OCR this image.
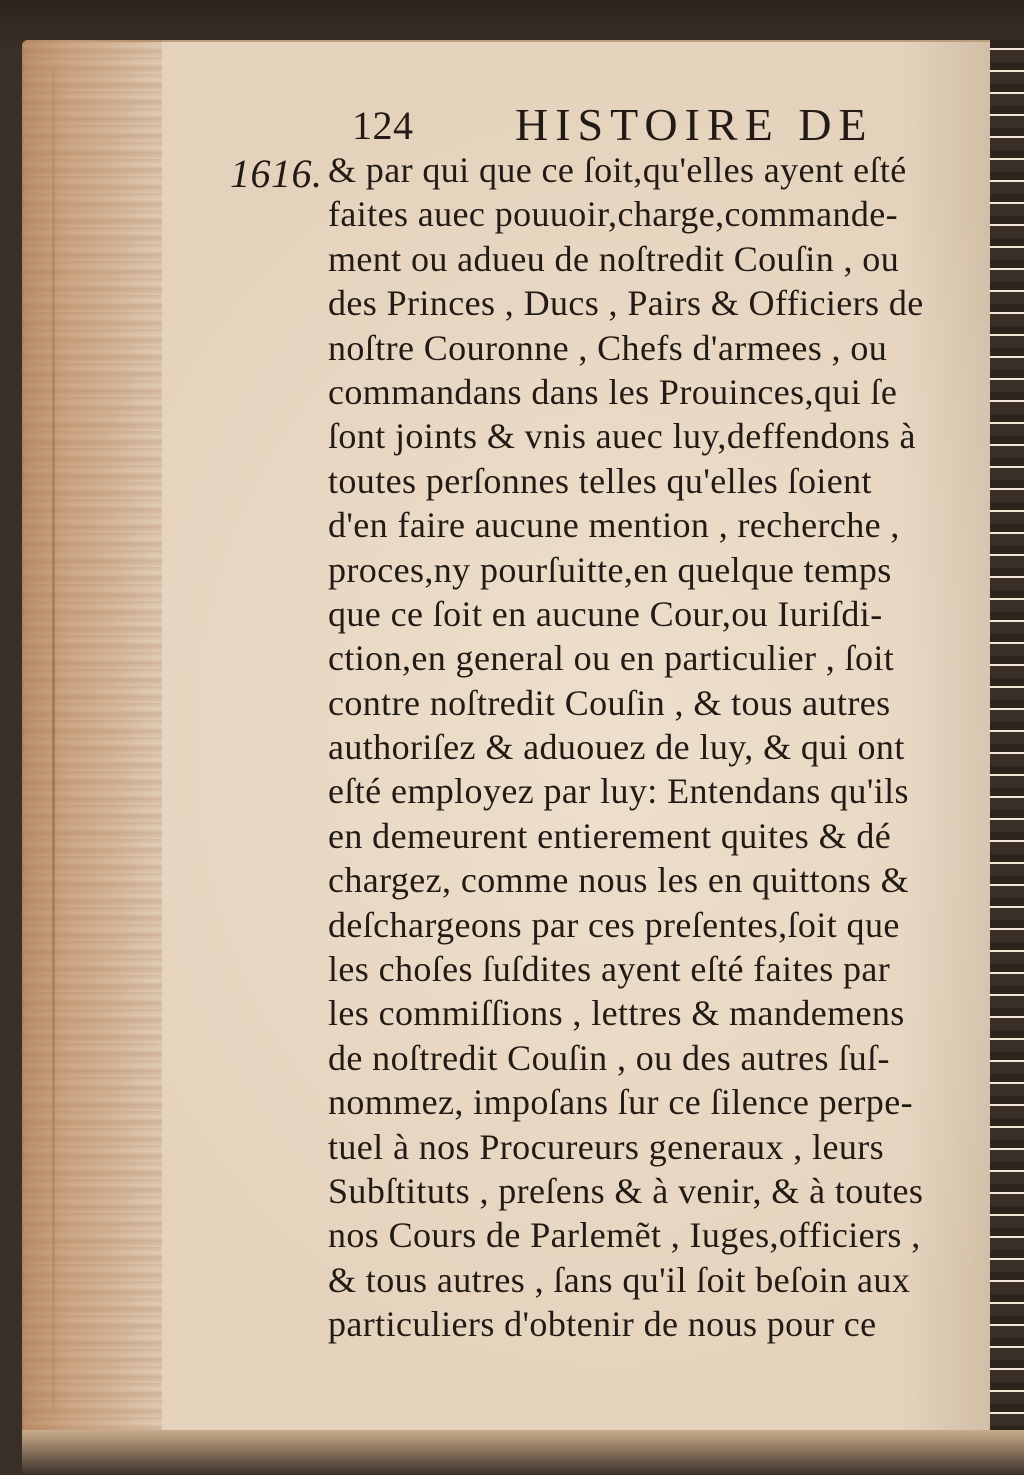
124 HISTOIRE DE
1616. & par qui que ce ſoit,qu'elles ayent eſté
faites auec pouuoir,charge,commande-
ment ou adueu de noſtredit Couſin , ou
des Princes , Ducs , Pairs & Officiers de
noſtre Couronne , Chefs d'armees , ou
commandans dans les Prouinces,qui ſe
ſont joints & vnis auec luy,deffendons à
toutes perſonnes telles qu'elles ſoient
d'en faire aucune mention , recherche ,
proces,ny pourſuitte,en quelque temps
que ce ſoit en aucune Cour,ou Iuriſdi-
ction,en general ou en particulier , ſoit
contre noſtredit Couſin , & tous autres
authoriſez & aduouez de luy, & qui ont
eſté employez par luy: Entendans qu'ils
en demeurent entierement quites & dé
chargez, comme nous les en quittons &
deſchargeons par ces preſentes,ſoit que
les choſes ſuſdites ayent eſté faites par
les commiſſions , lettres & mandemens
de noſtredit Couſin , ou des autres ſuſ-
nommez, impoſans ſur ce ſilence perpe-
tuel à nos Procureurs generaux , leurs
Subſtituts , preſens & à venir, & à toutes
nos Cours de Parlemẽt , Iuges,officiers ,
& tous autres , ſans qu'il ſoit beſoin aux
particuliers d'obtenir de nous pour ce
